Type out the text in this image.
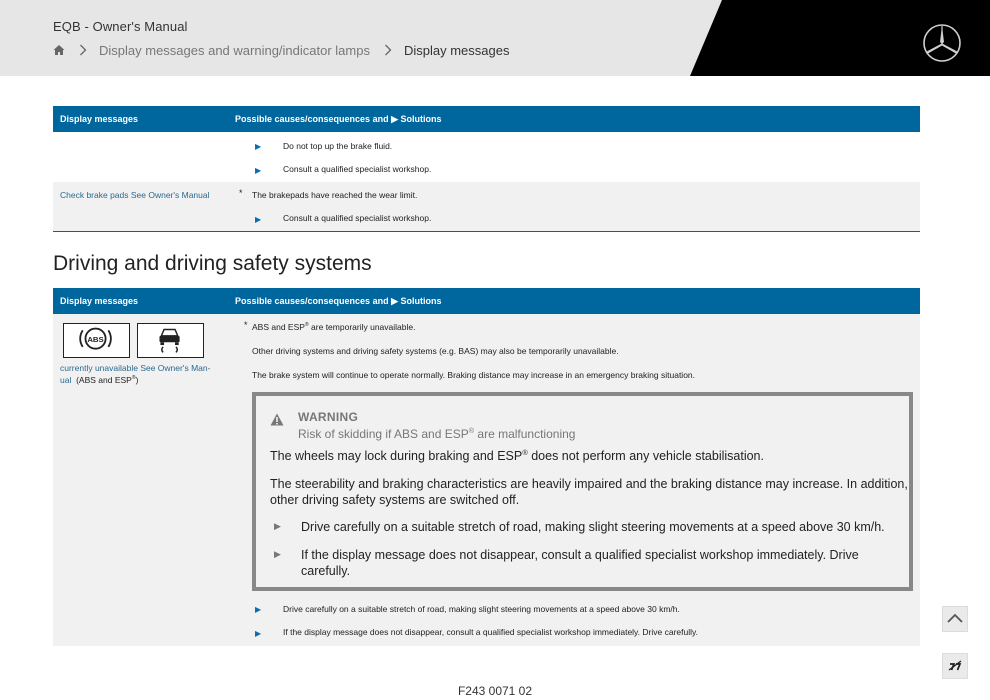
EQB - Owner's Manual
Display messages and warning/indicator lamps	Display messages
Display messages	Possible causes/consequences and ▶ Solutions
▶	Do not top up the brake fluid.
▶	Consult a qualified specialist workshop.
Check brake pads See Owner's Manual	* The brakepads have reached the wear limit.
▶	Consult a qualified specialist workshop.
Driving and driving safety systems
Display messages	Possible causes/consequences and ▶ Solutions
ABS
currently unavailable See Owner's Man-
ual (ABS and ESP®)
* ABS and ESP® are temporarily unavailable.
Other driving systems and driving safety systems (e.g. BAS) may also be temporarily unavailable.
The brake system will continue to operate normally. Braking distance may increase in an emergency braking situation.
▶	Drive carefully on a suitable stretch of road, making slight steering movements at a speed above 30 km/h.
▶	If the display message does not disappear, consult a qualified specialist workshop immediately. Drive carefully.
WARNING
Risk of skidding if ABS and ESP® are malfunctioning
The wheels may lock during braking and ESP® does not perform any vehicle stabilisation.
The steerability and braking characteristics are heavily impaired and the braking distance may increase. In addition,
other driving safety systems are switched off.
▶ Drive carefully on a suitable stretch of road, making slight steering movements at a speed above 30 km/h.
▶ If the display message does not disappear, consult a qualified specialist workshop immediately. Drive
carefully.
F243 0071 02
